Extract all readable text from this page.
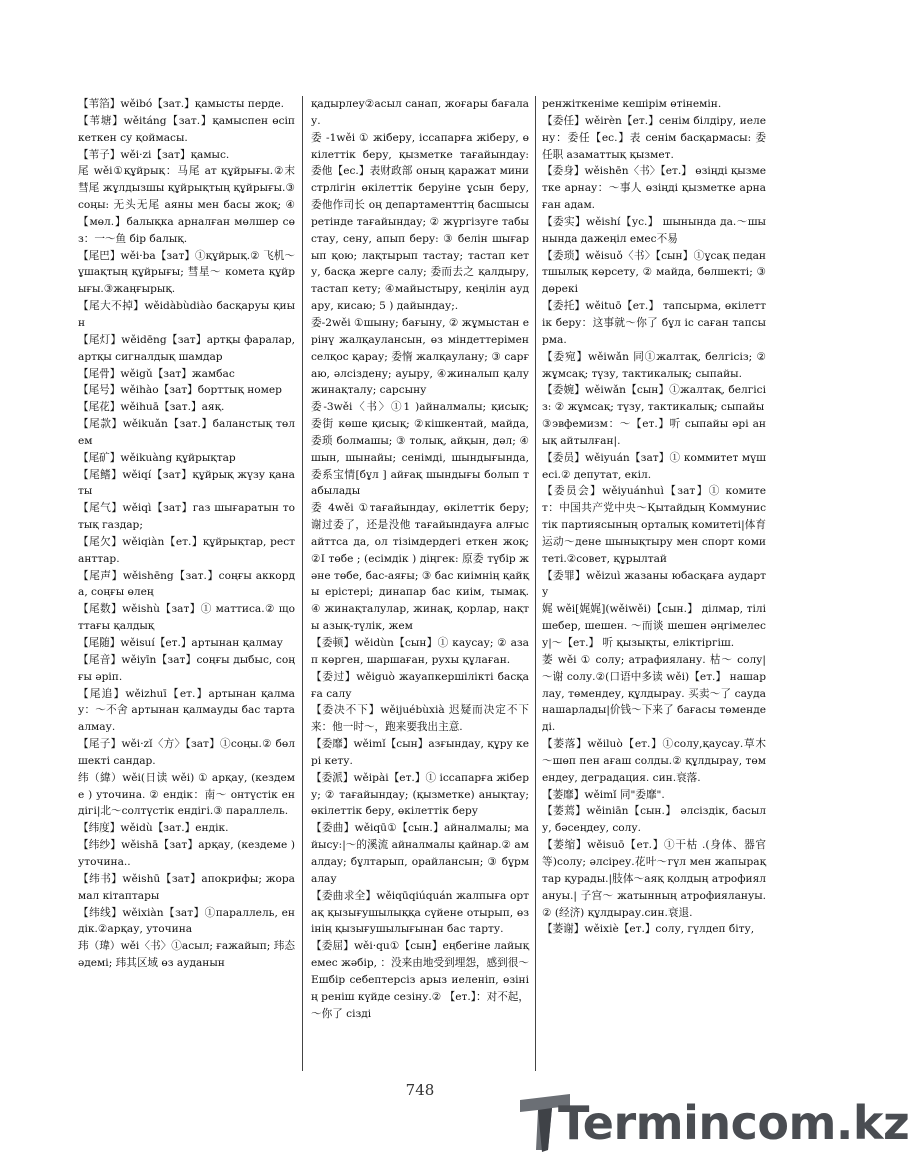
【苇箔】wěibó【зат.】қамысты перде.
【苇塘】wěitáng【зат.】қамыспен өсіп кеткен су қоймасы.
【苇子】wěi·zi【зат】қамыс.
尾 wěi①құйрық：马尾 ат құйрығы.②末 彗尾 жұлдызшы құйрықтың құйрығы.③соңы: 无头无尾 аяны мен басы жоқ; ④ 【мөл.】балықка арналған мөлшер сөз：一～鱼 бір балық.
【尾巴】wěi·ba【зат】①құйрық.② 飞机～ ұшақтың құйрығы; 彗星～ комета құйрығы.③жаңғырық.
【尾大不掉】wěidàbùdiào басқаруы қиын
【尾灯】wěidēng【зат】артқы фаралар, артқы сигналдық шамдар
【尾骨】wěigǔ【зат】жамбас
【尾号】wěihào【зат】борттық номер
【尾花】wěihuā【зат.】аяқ.
【尾款】wěikuǎn【зат.】баланстық төлем
【尾矿】wěikuàng құйрықтар
【尾鳍】wěiqí【зат】құйрық жүзу қанаты
【尾气】wěiqì【зат】газ шығаратын тотық газдар;
【尾欠】wěiqiàn【ет.】құйрықтар, рестанттар.
【尾声】wěishēng【зат.】соңғы аккорда, соңғы өлең
【尾数】wěishù【зат】① маттиса.② щоттағы қалдық
【尾随】wěisuí【ет.】артынан қалмау
【尾音】wěiyīn【зат】соңғы дыбыс, соңғы әріп.
【尾追】wěizhuī【ет.】артынан қалмау：～不舍 артынан қалмауды бас тарта алмау.
【尾子】wěi·zǐ〈方〉【зат】①соңы.② бөлшекті сандар.
纬（緯）wěi(日读 wěi) ① арқау, (кездеме ) уточина. ② ендік：南～ онтүстік ендігі|北～солтүстік ендігі.③ параллель.
【纬度】wěidù【зат.】ендік.
【纬纱】wěishā【зат】арқау, (кездеме ) уточина..
【纬书】wěishū【зат】апокрифы; жорамал кітаптары
【纬线】wěixiàn【зат】①параллель, ендік.②арқау, уточина
玮（瑋）wěi〈书〉①асыл; ғажайып; 玮态 әдемі; 玮其区域 өз ауданын
қадырлеу②асыл санап, жоғары бағалау.
委 -1wěi ① жіберу, іссапарға жіберу, өкілеттік беру, қызметке тағайындау: 委他【ес.】表财政部 оның қаражат министрлігін өкілеттік беруіне ұсын беру, 委他作司长 оң департаменттің басшысы ретінде тағайындау; ② жүргізуге табыстау, сену, апып беру: ③ белін шығарып қою; лақтырып тастау; тастап кету, басқа жерге салу; 委而去之 қалдыру, тастап кету; ④майыстыру, кеңілін аудару, кисаю; 5 ) дайындау;.
委-2wěi ①шыну; бағыну, ② жұмыстан ерінү жалқаулансын, өз міндеттерімен селқос қарау; 委惰 жалқаулану; ③ сарғаю, әлсіздену; ауыру, ④жиналып қалу жинақталу; сарсыну
委-3wěi〈书〉①1 )айналмалы; қисық; 委街 көше қисық; ②кішкентай, майда, 委琐 болмашы; ③ толық, айқын, дәл; ④шын, шынайы; сенімді, шындығында, 委系宝情[бұл ] айғақ шындығы болып табылады
委 4wěi ①тағайындау, өкілеттік беру; 谢过委了，还是没他 тағайындауға алғыс айттса да, ол тізімдердегі еткен жоқ; ②I төбе ; (есімдік ) діңгек: 原委 түбір және төбе, бас-аяғы; ③ бас киімнің қайқы ерістері; динапар бас киім, тымақ. ④ жинақталулар, жинақ, қорлар, нақты азық-түлік, жем
【委顿】wěidùn【сын】① каусау; ② азап көрген, шаршаған, рухы құлаған.
【委过】wěiguò жауапкершілікті басқаға салу
【委决不下】wěijuébùxià 迟疑而决定不下来：他一时～，跑来要我出主意.
【委靡】wěimǐ【сын】азғындау, құру кері кету.
【委派】wěipài【ет.】① іссапарға жіберу; ② тағайындау; (қызметке) анықтау; өкілеттік беру, өкілеттік беру
【委曲】wěiqū①【сын.】айналмалы; майысу:|～的溪流 айналмалы қайнар.② амалдау; бұлтарып, орайлансын; ③ бұрмалау
【委曲求全】wěiqūqiúquán жалпыға ортақ қызығушылыққа сүйене отырып, өзінің қызығушылығынан бас тарту.
【委屈】wěi·qu①【сын】еңбегіне лайық емес жәбір, ：没来由地受到埋怨，感到很～Ешбір себептерсіз арыз иеленіп, өзінің реніш күйде сезіну.② 【ет.】：对不起，～你了 сізді
ренжіткеніме кешірім өтінемін.
【委任】wěirèn【ет.】сенім білдіру, иелену：委任【ес.】表 сенім басқармасы: 委任职 азаматтық қызмет.
【委身】wěishēn〈书〉【ет.】 өзіңді қызметке арнау：～事人 өзіңді қызметке арнаған адам.
【委实】wěishí【ус.】 шынында да.～шынында дажеңіл емес不易
【委琐】wěisuǒ〈书〉【сын】①ұсақ педантшылық көрсету, ② майда, бөлшекті; ③дөрекі
【委托】wěituō【ет.】 тапсырма, өкілеттік беру：这事就～你了 бұл іс саған тапсырма.
【委宛】wěiwǎn 同①жалтақ, белгісіз; ②жұмсақ; түзу, тактикалық; сыпайы.
【委婉】wěiwǎn【сын】①жалтақ, белгісіз: ② жұмсақ; түзу, тактикалық; сыпайы
③эвфемизм：～【ет.】听 сыпайы әрі анық айтылған|.
【委员】wěiyuán【зат】① коммитет мүшесі.② депутат, екіл.
【委员会】wěiyuánhuì【зат】① комитет：中国共产党中央～Қытайдың Коммунистік партиясының орталық комитеті|体育运动～дене шынықтыру мен спорт комитеті.②совет, құрылтай
【委罪】wěizuì жазаны юбасқаға аударту
娓 wěi[娓娓](wěiwěi)【сын.】 ділмар, тілі шебер, шешен. ～而谈 шешен әңгімелесу|～【ет.】 听 қызықты, еліктіргіш.
萎 wěi ① солу; атрафиялану. 枯～ солу|～谢 солу.②(口语中多读 wěi)【ет.】 нашарлау, төмендеу, құлдырау. 买卖～了 сауда нашарлады|价钱～下来了 бағасы төмендеді.
【萎落】wěiluò【ет.】①солу,қаусау.草木～шөп пен ағаш солды.② құлдырау, төмендеу, деградация. син.衰落.
【萎靡】wěimǐ 同"委靡".
【萎蔫】wěiniān【сын.】 әлсіздік, басылу, бәсеңдеу, солу.
【萎缩】wěisuō【ет.】①干枯 .(身体、器官等)солу; әлсіреу.花叶～гүл мен жапырақтар қурады.|肢体～аяқ қолдың атрофиялануы.| 子宫～ жатынның атрофиялануы. ② (经济) құлдырау.син.衰退.
【萎谢】wěixiè【ет.】солу, гүлдеп біту,
748
Termincom.kz
